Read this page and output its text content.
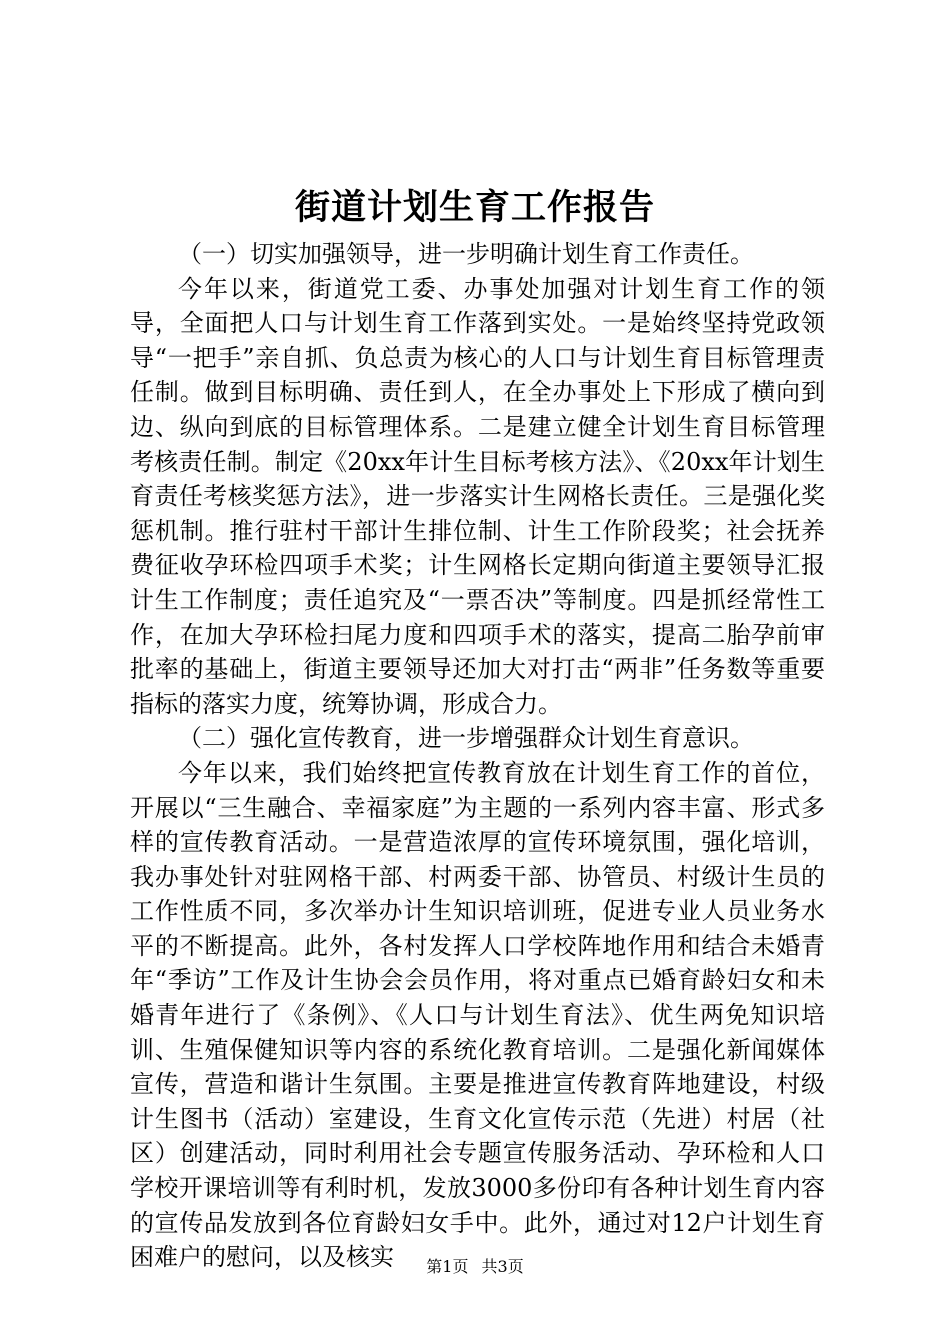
街道计划生育工作报告

（一）切实加强领导，进一步明确计划生育工作责任。

今年以来，街道党工委、办事处加强对计划生育工作的领导，全面把人口与计划生育工作落到实处。一是始终坚持党政领导“一把手”亲自抓、负总责为核心的人口与计划生育目标管理责任制。做到目标明确、责任到人，在全办事处上下形成了横向到边、纵向到底的目标管理体系。二是建立健全计划生育目标管理考核责任制。制定《20xx年计生目标考核方法》、《20xx年计划生育责任考核奖惩方法》，进一步落实计生网格长责任。三是强化奖惩机制。推行驻村干部计生排位制、计生工作阶段奖；社会抚养费征收孕环检四项手术奖；计生网格长定期向街道主要领导汇报计生工作制度；责任追究及“一票否决”等制度。四是抓经常性工作，在加大孕环检扫尾力度和四项手术的落实，提高二胎孕前审批率的基础上，街道主要领导还加大对打击“两非”任务数等重要指标的落实力度，统筹协调，形成合力。

（二）强化宣传教育，进一步增强群众计划生育意识。

今年以来，我们始终把宣传教育放在计划生育工作的首位，开展以“三生融合、幸福家庭”为主题的一系列内容丰富、形式多样的宣传教育活动。一是营造浓厚的宣传环境氛围，强化培训，我办事处针对驻网格干部、村两委干部、协管员、村级计生员的工作性质不同，多次举办计生知识培训班，促进专业人员业务水平的不断提高。此外，各村发挥人口学校阵地作用和结合未婚青年“季访”工作及计生协会会员作用，将对重点已婚育龄妇女和未婚青年进行了《条例》、《人口与计划生育法》、优生两免知识培训、生殖保健知识等内容的系统化教育培训。二是强化新闻媒体宣传，营造和谐计生氛围。主要是推进宣传教育阵地建设，村级计生图书（活动）室建设，生育文化宣传示范（先进）村居（社区）创建活动，同时利用社会专题宣传服务活动、孕环检和人口学校开课培训等有利时机，发放3000多份印有各种计划生育内容的宣传品发放到各位育龄妇女手中。此外，通过对12户计划生育困难户的慰问，以及核实	第1页 共3页
